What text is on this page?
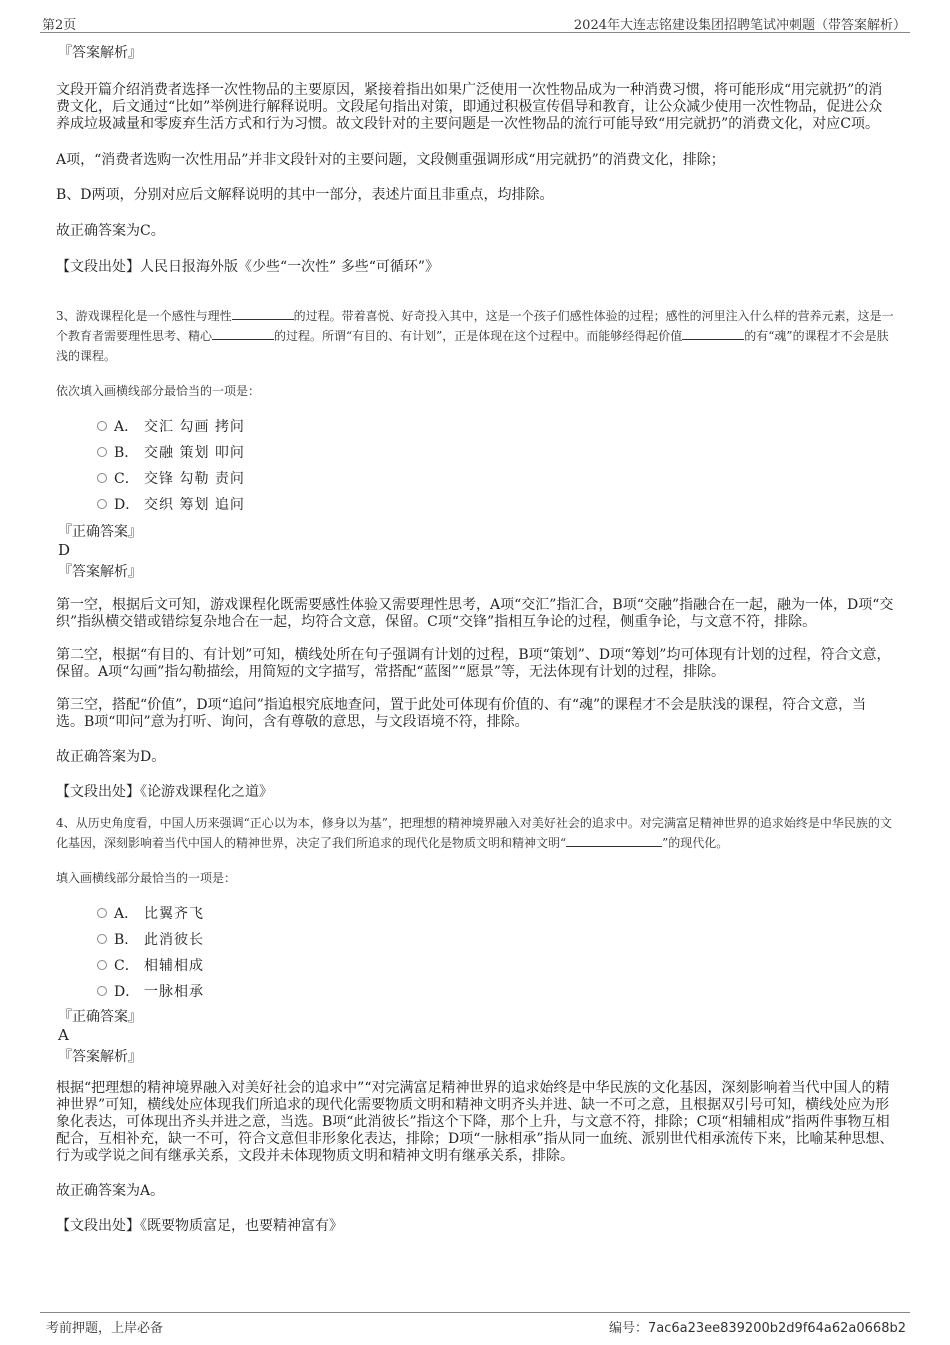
第2页	2024年大连志铭建设集团招聘笔试冲刺题（带答案解析）

『答案解析』

文段开篇介绍消费者选择一次性物品的主要原因，紧接着指出如果广泛使用一次性物品成为一种消费习惯，将可能形成“用完就扔”的消费文化，后文通过“比如”举例进行解释说明。文段尾句指出对策，即通过积极宣传倡导和教育，让公众减少使用一次性物品，促进公众养成垃圾减量和零废弃生活方式和行为习惯。故文段针对的主要问题是一次性物品的流行可能导致“用完就扔”的消费文化，对应C项。

A项，“消费者选购一次性用品”并非文段针对的主要问题，文段侧重强调形成“用完就扔”的消费文化，排除；

B、D两项，分别对应后文解释说明的其中一部分，表述片面且非重点，均排除。

故正确答案为C。

【文段出处】人民日报海外版《少些“一次性” 多些“可循环”》

3、游戏课程化是一个感性与理性	的过程。带着喜悦、好奇投入其中，这是一个孩子们感性体验的过程；感性的河里注入什么样的营养元素，这是一个教育者需要理性思考、精心	的过程。所谓“有目的、有计划”，正是体现在这个过程中。而能够经得起价值	的有“魂”的课程才不会是肤浅的课程。

依次填入画横线部分最恰当的一项是：

A． 交汇 勾画 拷问
B． 交融 策划 叩问
C． 交锋 勾勒 责问
D． 交织 筹划 追问

『正确答案』

D

『答案解析』

第一空，根据后文可知，游戏课程化既需要感性体验又需要理性思考，A项“交汇”指汇合，B项“交融”指融合在一起，融为一体，D项“交织”指纵横交错或错综复杂地合在一起，均符合文意，保留。C项“交锋”指相互争论的过程，侧重争论，与文意不符，排除。

第二空，根据“有目的、有计划”可知，横线处所在句子强调有计划的过程，B项“策划”、D项“筹划”均可体现有计划的过程，符合文意，保留。A项“勾画”指勾勒描绘，用简短的文字描写，常搭配“蓝图”“愿景”等，无法体现有计划的过程，排除。

第三空，搭配“价值”，D项“追问”指追根究底地查问，置于此处可体现有价值的、有“魂”的课程才不会是肤浅的课程，符合文意，当选。B项“叩问”意为打听、询问，含有尊敬的意思，与文段语境不符，排除。

故正确答案为D。

【文段出处】《论游戏课程化之道》

4、从历史角度看，中国人历来强调“正心以为本，修身以为基”，把理想的精神境界融入对美好社会的追求中。对完满富足精神世界的追求始终是中华民族的文化基因，深刻影响着当代中国人的精神世界，决定了我们所追求的现代化是物质文明和精神文明“	”的现代化。

填入画横线部分最恰当的一项是：

A． 比翼齐飞
B． 此消彼长
C． 相辅相成
D． 一脉相承

『正确答案』

A

『答案解析』

根据“把理想的精神境界融入对美好社会的追求中”“对完满富足精神世界的追求始终是中华民族的文化基因，深刻影响着当代中国人的精神世界”可知，横线处应体现我们所追求的现代化需要物质文明和精神文明齐头并进、缺一不可之意，且根据双引号可知，横线处应为形象化表达，可体现出齐头并进之意，当选。B项“此消彼长”指这个下降，那个上升，与文意不符，排除；C项“相辅相成”指两件事物互相配合，互相补充，缺一不可，符合文意但非形象化表达，排除；D项“一脉相承”指从同一血统、派别世代相承流传下来，比喻某种思想、行为或学说之间有继承关系，文段并未体现物质文明和精神文明有继承关系，排除。

故正确答案为A。

【文段出处】《既要物质富足，也要精神富有》

考前押题，上岸必备	编号：7ac6a23ee839200b2d9f64a62a0668b2
